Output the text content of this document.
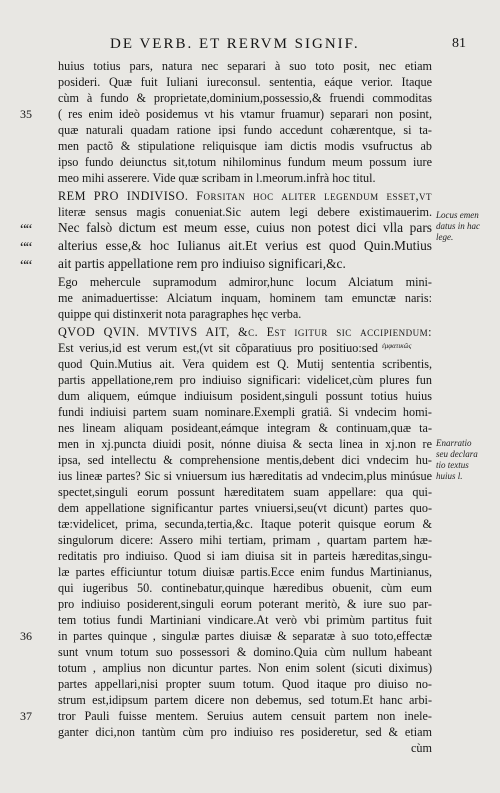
DE VERB. ET RERVM SIGNIF.	81
huius totius pars, natura nec separari à suo toto posit, nec etiam
posideri. Quæ fuit Iuliani iureconsul. sententia, eáque verior. Itaque
cùm à fundo & proprietate,dominium,possessio,& fruendi commoditas
( res enim ideò posidemus vt his vtamur fruamur) separari non posint,
quæ naturali quadam ratione ipsi fundo accedunt cohærentque, si ta-
men pactõ & stipulatione reliquisque iam dictis modis vsufructus ab
ipso fundo deiunctus sit,totum nihilominus fundum meum possum iure
meo mihi asserere. Vide quæ scribam in l.meorum.infrà hoc titul.
REM PRO INDIVISO. Forsitan hoc aliter legendum esset,vt
literæ sensus magis conueniat.Sic autem legi debere existimauerim.
Nec falsò dictum est meum esse, cuius non potest dici vlla pars
alterius esse,& hoc Iulianus ait.Et verius est quod Quin.Mutius
ait partis appellatione rem pro indiuiso significari,&c.
Ego mehercule supramodum admiror,hunc locum Alciatum mini-
me animaduertisse: Alciatum inquam, hominem tam emunctæ naris:
quippe qui distinxerit nota paragraphes hęc verba.
QVOD QVIN. MVTIVS AIT, &c. Est igitur sic accipiendum:
Est verius,id est verum est,(vt sit cõparatiuus pro positiuo:sed ἐμφατικῶς
quod Quin.Mutius ait. Vera quidem est Q. Mutij sententia scribentis,
partis appellatione,rem pro indiuiso significari: videlicet,cùm plures fun
dum aliquem, eúmque indiuisum posident,singuli possunt totius huius
fundi indiuisi partem suam nominare.Exempli gratiâ. Si vndecim homi-
nes lineam aliquam posideant,eámque integram & continuam,quæ ta-
men in xj.puncta diuidi posit, nónne diuisa & secta linea in xj.non re
ipsa, sed intellectu & comprehensione mentis,debent dici vndecim hu-
ius lineæ partes? Sic si vniuersum ius hæreditatis ad vndecim,plus minúsue
spectet,singuli eorum possunt hæreditatem suam appellare: qua qui-
dem appellatione significantur partes vniuersi,seu(vt dicunt) partes quo-
tæ:videlicet, prima, secunda,tertia,&c. Itaque poterit quisque eorum &
singulorum dicere: Assero mihi tertiam, primam , quartam partem hæ-
reditatis pro indiuiso. Quod si iam diuisa sit in parteis hæreditas,singu-
læ partes efficiuntur totum diuisæ partis.Ecce enim fundus Martinianus,
qui iugeribus 50. continebatur,quinque hæredibus obuenit, cùm eum
pro indiuiso posiderent,singuli eorum poterant meritò, & iure suo par-
tem totius fundi Martiniani vindicare.At verò vbi primùm partitus fuit
in partes quinque , singulæ partes diuisæ & separatæ à suo toto,effectæ
sunt vnum totum suo possessori & domino.Quia cùm nullum habeant
totum , amplius non dicuntur partes. Non enim solent (sicuti diximus)
partes appellari,nisi propter suum totum. Quod itaque pro diuiso no-
strum est,idipsum partem dicere non debemus, sed totum.Et hanc arbi-
tror Pauli fuisse mentem. Seruius autem censuit partem non inele-
ganter dici,non tantùm cùm pro indiuiso res posideretur, sed & etiam
cùm
35
““
““
““
36
37
Locus emen
datus in hac
lege.
Enarratio
seu declara
tio textus
huius l.
